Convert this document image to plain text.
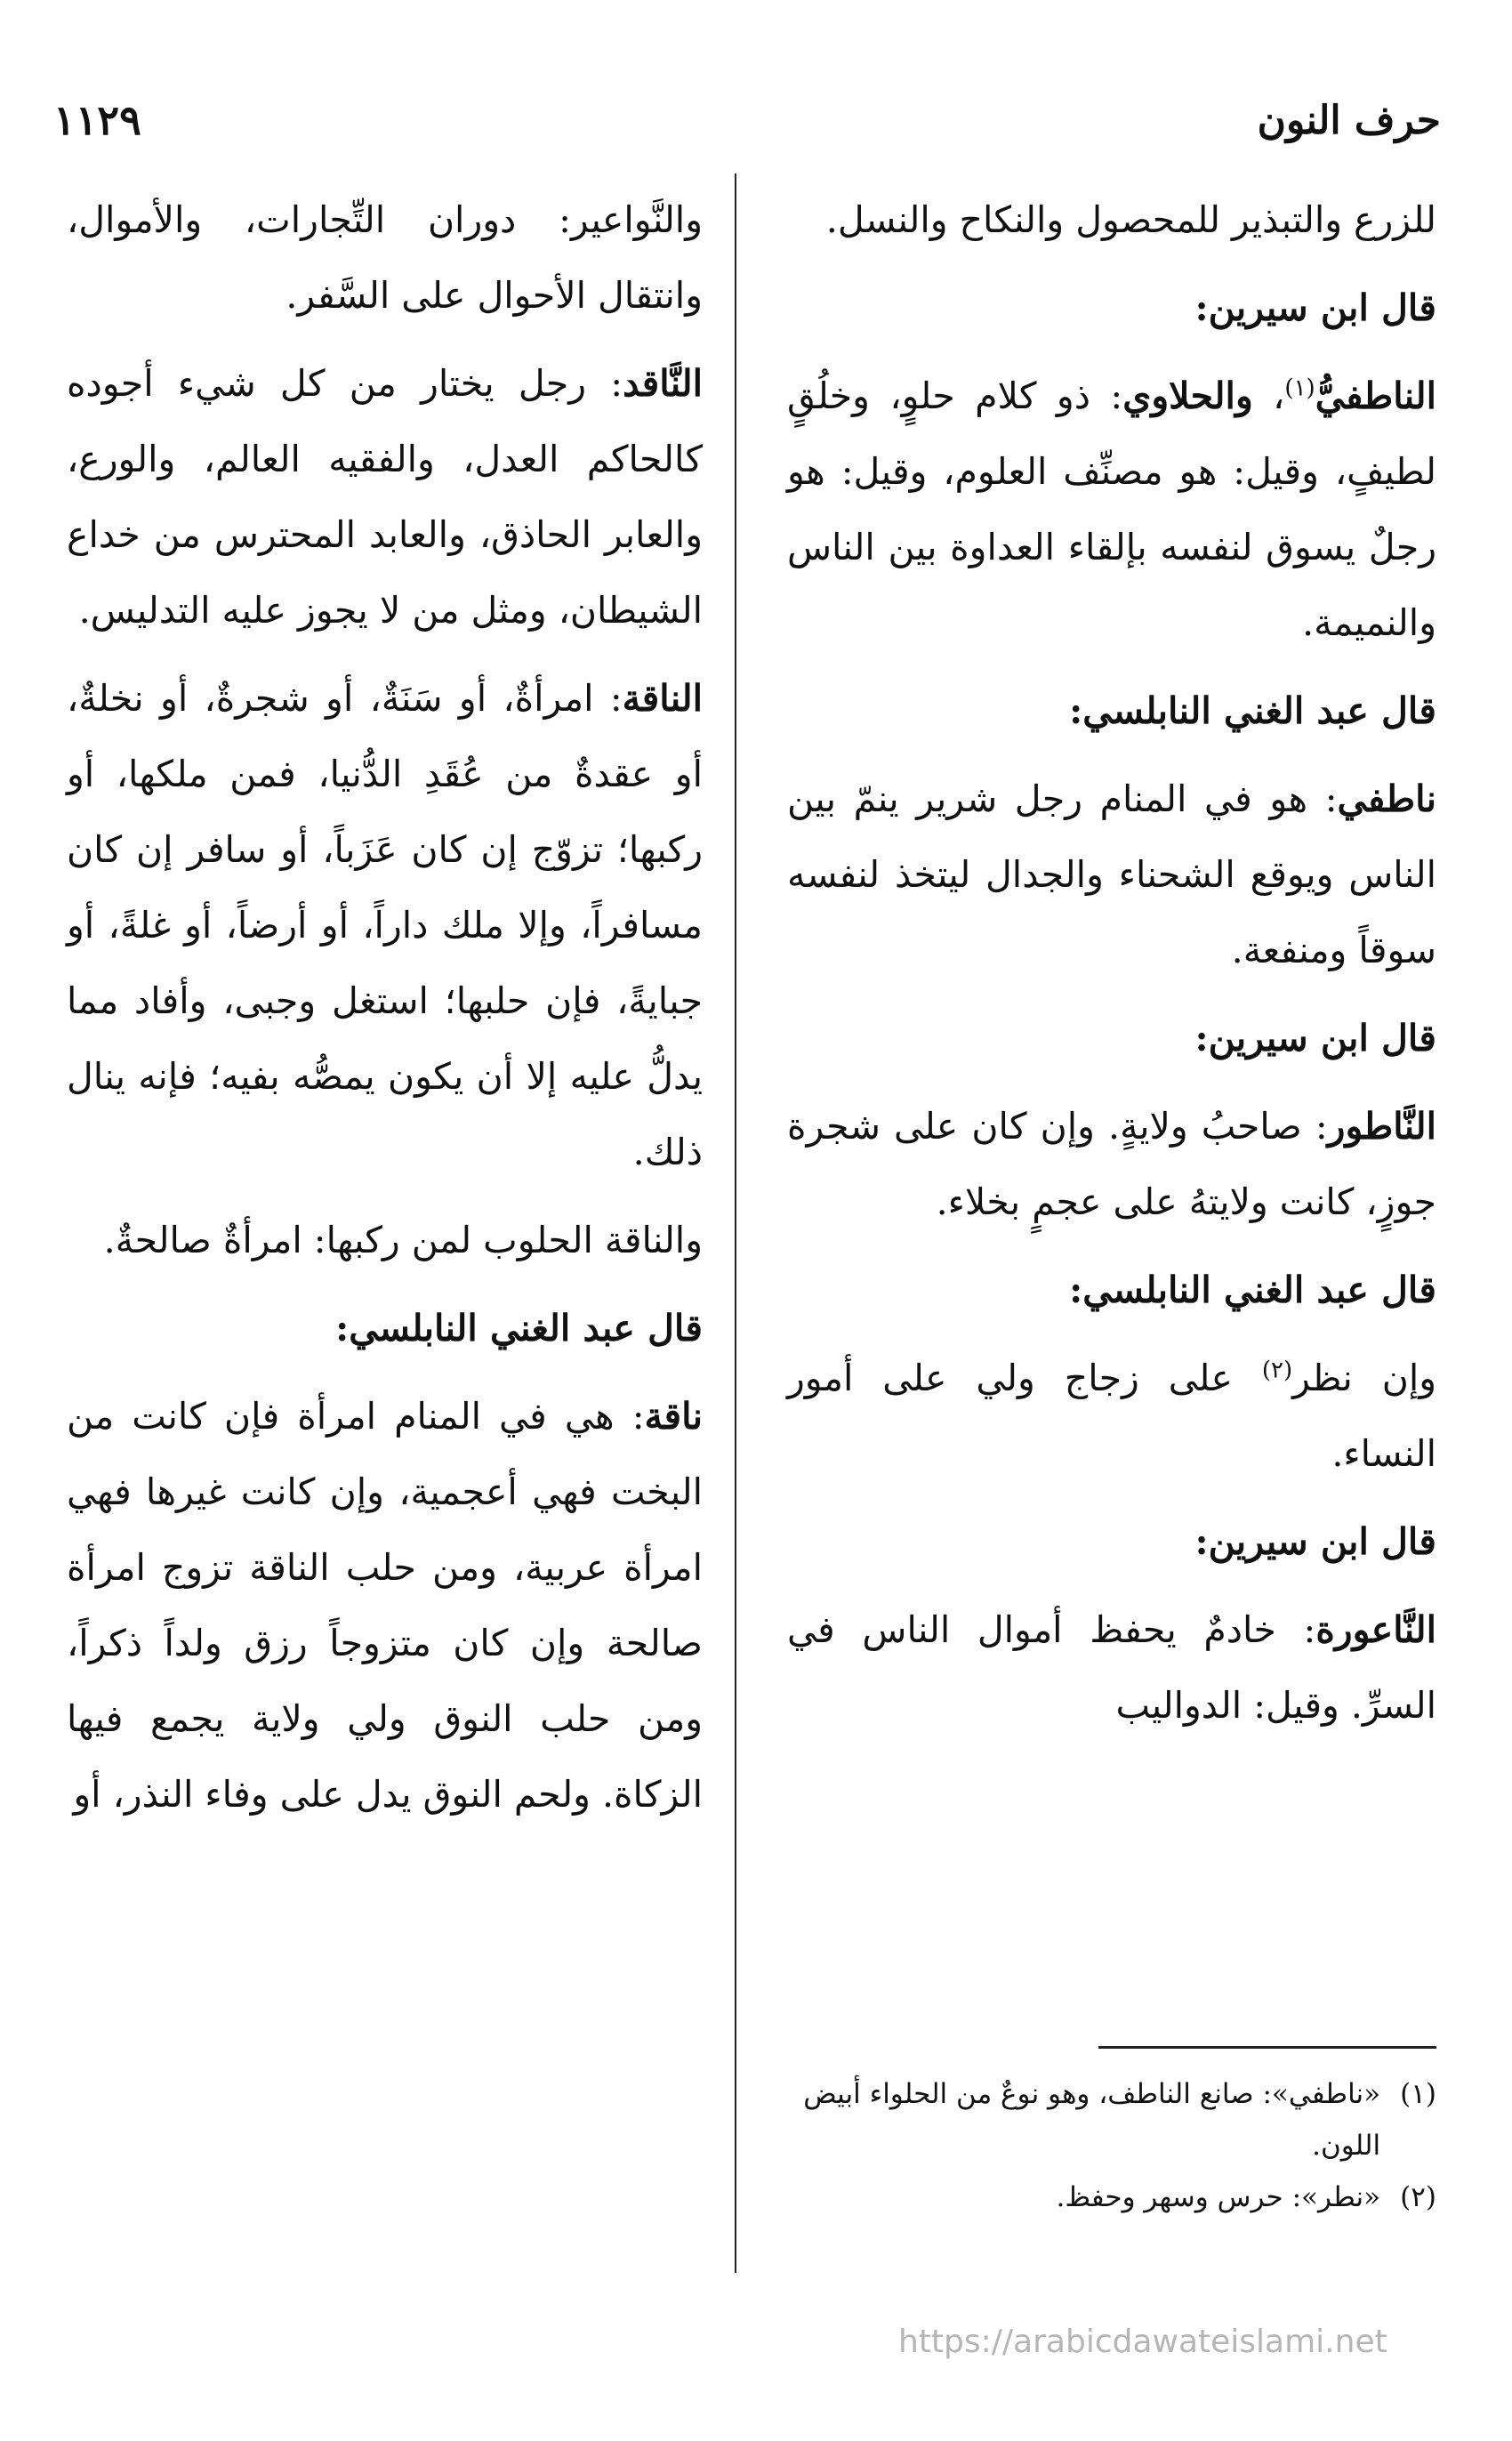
حرف النون
١١٢٩

للزرع والتبذير للمحصول والنكاح والنسل.

قال ابن سيرين:

الناطفيُّ$^{(١)}$، والحلاوي: ذو كلام حلوٍ، وخلُقٍ لطيفٍ، وقيل: هو مصنِّف العلوم، وقيل: هو رجلٌ يسوق لنفسه بإلقاء العداوة بين الناس والنميمة.

قال عبد الغني النابلسي:

ناطفي: هو في المنام رجل شرير ينمّ بين الناس ويوقع الشحناء والجدال ليتخذ لنفسه سوقاً ومنفعة.

قال ابن سيرين:

النَّاطور: صاحبُ ولايةٍ. وإن كان على شجرة جوزٍ، كانت ولايتهُ على عجمٍ بخلاء.

قال عبد الغني النابلسي:

وإن نظر$^{(٢)}$ على زجاج ولي على أمور النساء.

قال ابن سيرين:

النَّاعورة: خادمٌ يحفظ أموال الناس في السرِّ. وقيل: الدواليب

والنَّواعير: دوران التِّجارات، والأموال، وانتقال الأحوال على السَّفر.

النَّاقد: رجل يختار من كل شيء أجوده كالحاكم العدل، والفقيه العالم، والورع، والعابر الحاذق، والعابد المحترس من خداع الشيطان، ومثل من لا يجوز عليه التدليس.

الناقة: امرأةٌ، أو سَنَةٌ، أو شجرةٌ، أو نخلةٌ، أو عقدةٌ من عُقَدِ الدُّنيا، فمن ملكها، أو ركبها؛ تزوّج إن كان عَزَباً، أو سافر إن كان مسافراً، وإلا ملك داراً، أو أرضاً، أو غلةً، أو جبايةً، فإن حلبها؛ استغل وجبى، وأفاد مما يدلُّ عليه إلا أن يكون يمصُّه بفيه؛ فإنه ينال ذلك.

والناقة الحلوب لمن ركبها: امرأةٌ صالحةٌ.

قال عبد الغني النابلسي:

ناقة: هي في المنام امرأة فإن كانت من البخت فهي أعجمية، وإن كانت غيرها فهي امرأة عربية، ومن حلب الناقة تزوج امرأة صالحة وإن كان متزوجاً رزق ولداً ذكراً، ومن حلب النوق ولي ولاية يجمع فيها الزكاة. ولحم النوق يدل على وفاء النذر، أو

(١)
«ناطفي»: صانع الناطف، وهو نوعٌ من الحلواء أبيض اللون.
(٢)
«نطر»: حرس وسهر وحفظ.
https://arabicdawateislami.net
